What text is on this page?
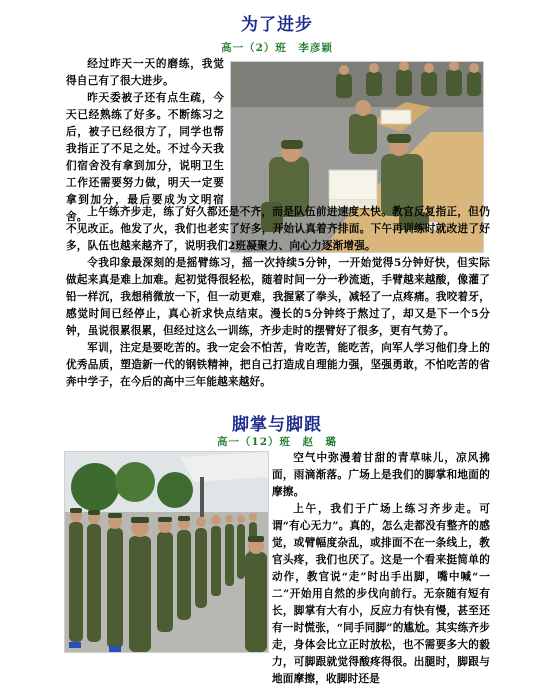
为了进步
高一（2）班　李彦颖

经过昨天一天的磨练，我觉得自己有了很大进步。

昨天委被子还有点生疏，今天已经熟练了好多。不断练习之后，被子已经很方了，同学也帮我指正了不足之处。不过今天我们宿舍没有拿到加分，说明卫生工作还需要努力做，明天一定要拿到加分，最后要成为文明宿舍。 上午练齐步走，练了好久都还是不齐，而是队伍前进速度太快。教官反复指正，但仍不见改正。他发了火，我们也老实了好多，开始认真着齐排面。下午再训练时就改进了好多，队伍也越来越齐了，说明我们2班凝聚力、向心力逐渐增强。

令我印象最深刻的是摇臂练习，摇一次持续5分钟，一开始觉得5分钟好快，但实际做起来真是难上加难。起初觉得很轻松，随着时间一分一秒流逝，手臂越来越酸，像灌了铅一样沉，我想稍微放一下，但一动更难，我握紧了拳头，减轻了一点疼痛。我咬着牙，感觉时间已经停止，真心祈求快点结束。漫长的5分钟终于熬过了，却又是下一个5分钟，虽说很累很累，但经过这么一训练，齐步走时的摆臂好了很多，更有气势了。

军训，注定是要吃苦的。我一定会不怕苦，肯吃苦，能吃苦，向军人学习他们身上的优秀品质，塑造新一代的钢铁精神，把自己打造成自理能力强，坚强勇敢，不怕吃苦的省奔中学子，在今后的高中三年能越来越好。

脚掌与脚跟
高一（12）班　赵　璐

空气中弥漫着甘甜的青草味儿，凉风拂面，雨滴渐落。广场上是我们的脚掌和地面的摩擦。

上午，我们于广场上练习齐步走。可谓“有心无力”。真的，怎么走都没有整齐的感觉，或臂幅度杂乱，或排面不在一条线上，教官头疼，我们也厌了。这是一个看来挺简单的动作，教官说“走”时出手出脚，嘴中喊“一二”开始用自然的步伐向前行。无奈随有短有长，脚掌有大有小，反应力有快有慢，甚至还有一时慌张，“同手同脚”的尴尬。其实练齐步走，身体会比立正时放松，也不需要多大的毅力，可脚跟就觉得酸疼得很。出腿时，脚跟与地面摩擦，收脚时还是
